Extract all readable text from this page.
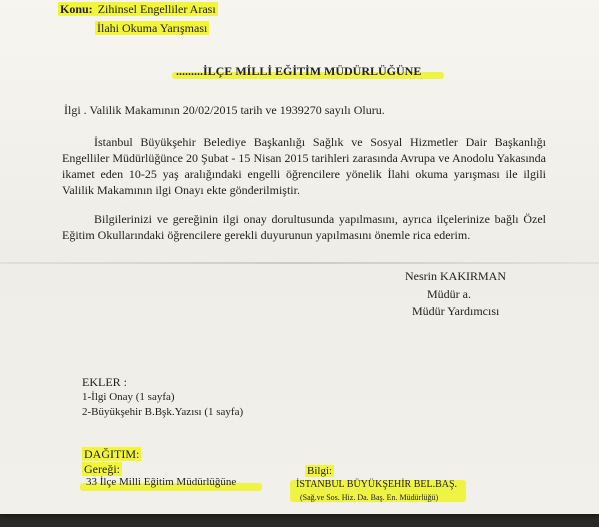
Konu: Zihinsel Engelliler Arası
İlahi Okuma Yarışması
.........İLÇE MİLLİ EĞİTİM MÜDÜRLÜĞÜNE
İlgi . Valilik Makamının 20/02/2015 tarih ve 1939270 sayılı Oluru.
İstanbul Büyükşehir Belediye Başkanlığı Sağlık ve Sosyal Hizmetler Dair Başkanlığı Engelliler Müdürlüğünce 20 Şubat - 15 Nisan 2015 tarihleri zarasında Avrupa ve Anodolu Yakasında ikamet eden 10-25 yaş aralığındaki engelli öğrencilere yönelik İlahi okuma yarışması ile ilgili Valilik Makamının ilgi Onayı ekte gönderilmiştir.
Bilgilerinizi ve gereğinin ilgi onay dorultusunda yapılmasını, ayrıca ilçelerinize bağlı Özel Eğitim Okullarındaki öğrencilere gerekli duyurunun yapılmasını önemle rica ederim.
Nesrin KAKIRMAN
Müdür a.
Müdür Yardımcısı
EKLER :
1-İlgi Onay (1 sayfa)
2-Büyükşehir B.Bşk.Yazısı (1 sayfa)
DAĞITIM:
Gereği:
33 İlçe Milli Eğitim Müdürlüğüne
Bilgi:
İSTANBUL BÜYÜKŞEHİR BEL.BAŞ.
(Sağ.ve Sos. Hiz. Da. Baş. En. Müdürlüğü)
